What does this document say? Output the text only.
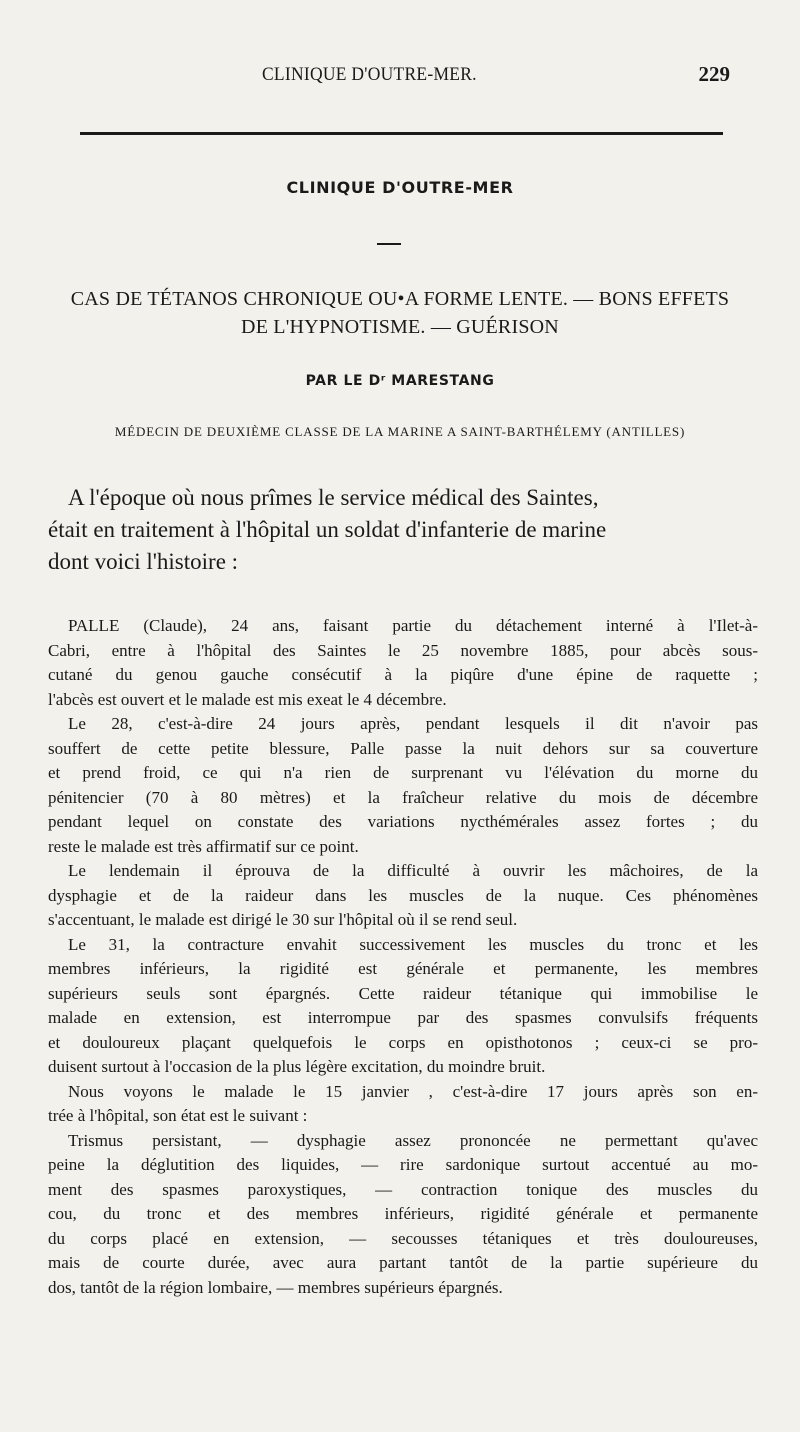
CLINIQUE D'OUTRE-MER.	229
CLINIQUE D'OUTRE-MER
CAS DE TÉTANOS CHRONIQUE OU•A FORME LENTE. — BONS EFFETS
DE L'HYPNOTISME. — GUÉRISON
PAR LE Dʳ MARESTANG
MÉDECIN DE DEUXIÈME CLASSE DE LA MARINE A SAINT-BARTHÉLEMY (ANTILLES)
A l'époque où nous prîmes le service médical des Saintes,
était en traitement à l'hôpital un soldat d'infanterie de marine
dont voici l'histoire :
PALLE (Claude), 24 ans, faisant partie du détachement interné à l'Ilet-à-
Cabri, entre à l'hôpital des Saintes le 25 novembre 1885, pour abcès sous-
cutané du genou gauche consécutif à la piqûre d'une épine de raquette ;
l'abcès est ouvert et le malade est mis exeat le 4 décembre.
Le 28, c'est-à-dire 24 jours après, pendant lesquels il dit n'avoir pas
souffert de cette petite blessure, Palle passe la nuit dehors sur sa couverture
et prend froid, ce qui n'a rien de surprenant vu l'élévation du morne du
pénitencier (70 à 80 mètres) et la fraîcheur relative du mois de décembre
pendant lequel on constate des variations nycthémérales assez fortes ; du
reste le malade est très affirmatif sur ce point.
Le lendemain il éprouva de la difficulté à ouvrir les mâchoires, de la
dysphagie et de la raideur dans les muscles de la nuque. Ces phénomènes
s'accentuant, le malade est dirigé le 30 sur l'hôpital où il se rend seul.
Le 31, la contracture envahit successivement les muscles du tronc et les
membres inférieurs, la rigidité est générale et permanente, les membres
supérieurs seuls sont épargnés. Cette raideur tétanique qui immobilise le
malade en extension, est interrompue par des spasmes convulsifs fréquents
et douloureux plaçant quelquefois le corps en opisthotonos ; ceux-ci se pro-
duisent surtout à l'occasion de la plus légère excitation, du moindre bruit.
Nous voyons le malade le 15 janvier , c'est-à-dire 17 jours après son en-
trée à l'hôpital, son état est le suivant :
Trismus persistant, — dysphagie assez prononcée ne permettant qu'avec
peine la déglutition des liquides, — rire sardonique surtout accentué au mo-
ment des spasmes paroxystiques, — contraction tonique des muscles du
cou, du tronc et des membres inférieurs, rigidité générale et permanente
du corps placé en extension, — secousses tétaniques et très douloureuses,
mais de courte durée, avec aura partant tantôt de la partie supérieure du
dos, tantôt de la région lombaire, — membres supérieurs épargnés.
